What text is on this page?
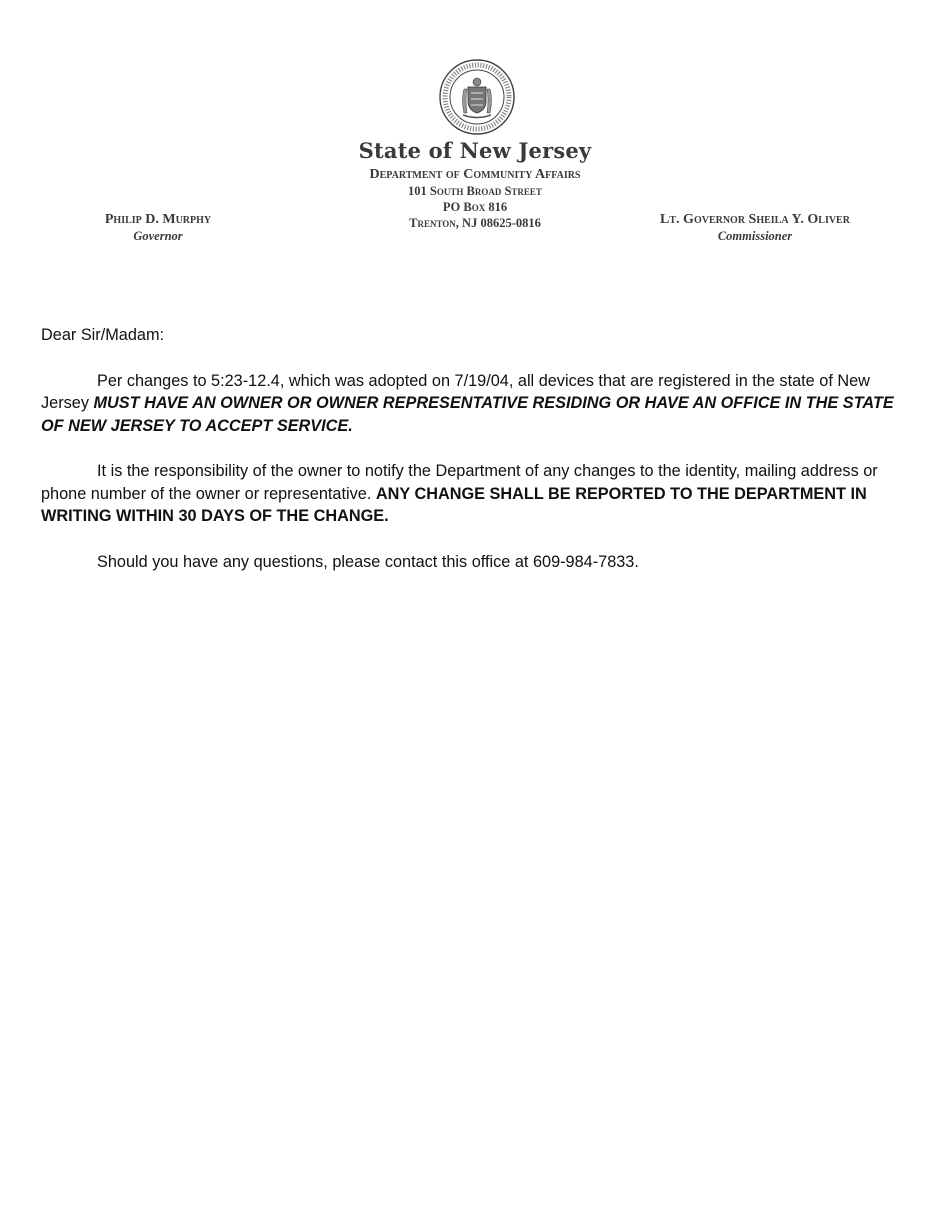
State of New Jersey
Department of Community Affairs
101 South Broad Street
PO Box 816
Trenton, NJ 08625-0816
Philip D. Murphy
Governor
Lt. Governor Sheila Y. Oliver
Commissioner

Dear Sir/Madam:

Per changes to 5:23-12.4, which was adopted on 7/19/04, all devices that are registered in the state of New Jersey MUST HAVE AN OWNER OR OWNER REPRESENTATIVE RESIDING OR HAVE AN OFFICE IN THE STATE OF NEW JERSEY TO ACCEPT SERVICE.

It is the responsibility of the owner to notify the Department of any changes to the identity, mailing address or phone number of the owner or representative. ANY CHANGE SHALL BE REPORTED TO THE DEPARTMENT IN WRITING WITHIN 30 DAYS OF THE CHANGE.

Should you have any questions, please contact this office at 609-984-7833.
